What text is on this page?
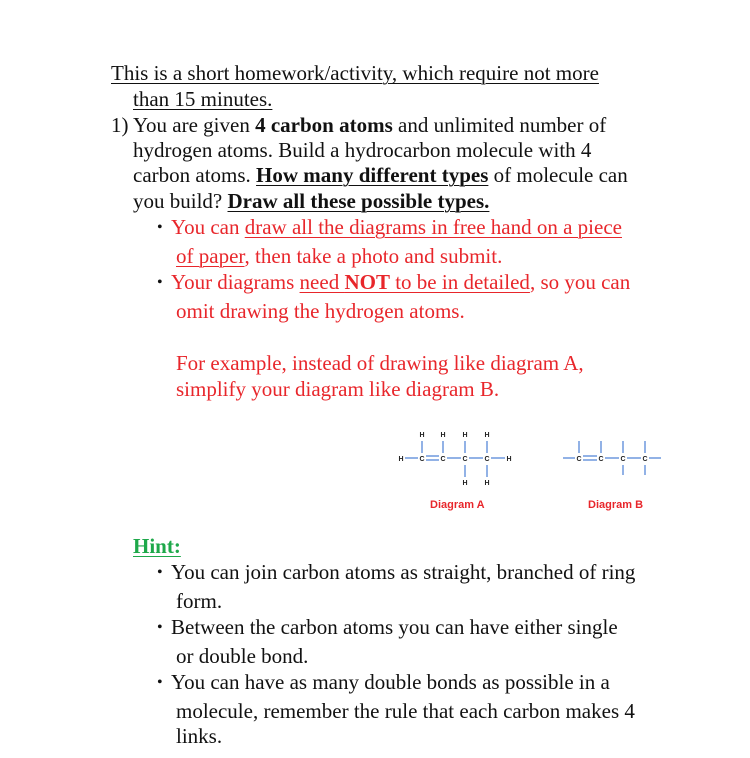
This is a short homework/activity, which require not more
than 15 minutes.
1) You are given 4 carbon atoms and unlimited number of
hydrogen atoms. Build a hydrocarbon molecule with 4
carbon atoms. How many different types of molecule can
you build? Draw all these possible types.
• You can draw all the diagrams in free hand on a piece
of paper, then take a photo and submit.
• Your diagrams need NOT to be in detailed, so you can
omit drawing the hydrogen atoms.
For example, instead of drawing like diagram A,
simplify your diagram like diagram B.
H H H H
H C C C C H
H H
Diagram A
C C C C
Diagram B
Hint:
• You can join carbon atoms as straight, branched of ring
form.
• Between the carbon atoms you can have either single
or double bond.
• You can have as many double bonds as possible in a
molecule, remember the rule that each carbon makes 4
links.
